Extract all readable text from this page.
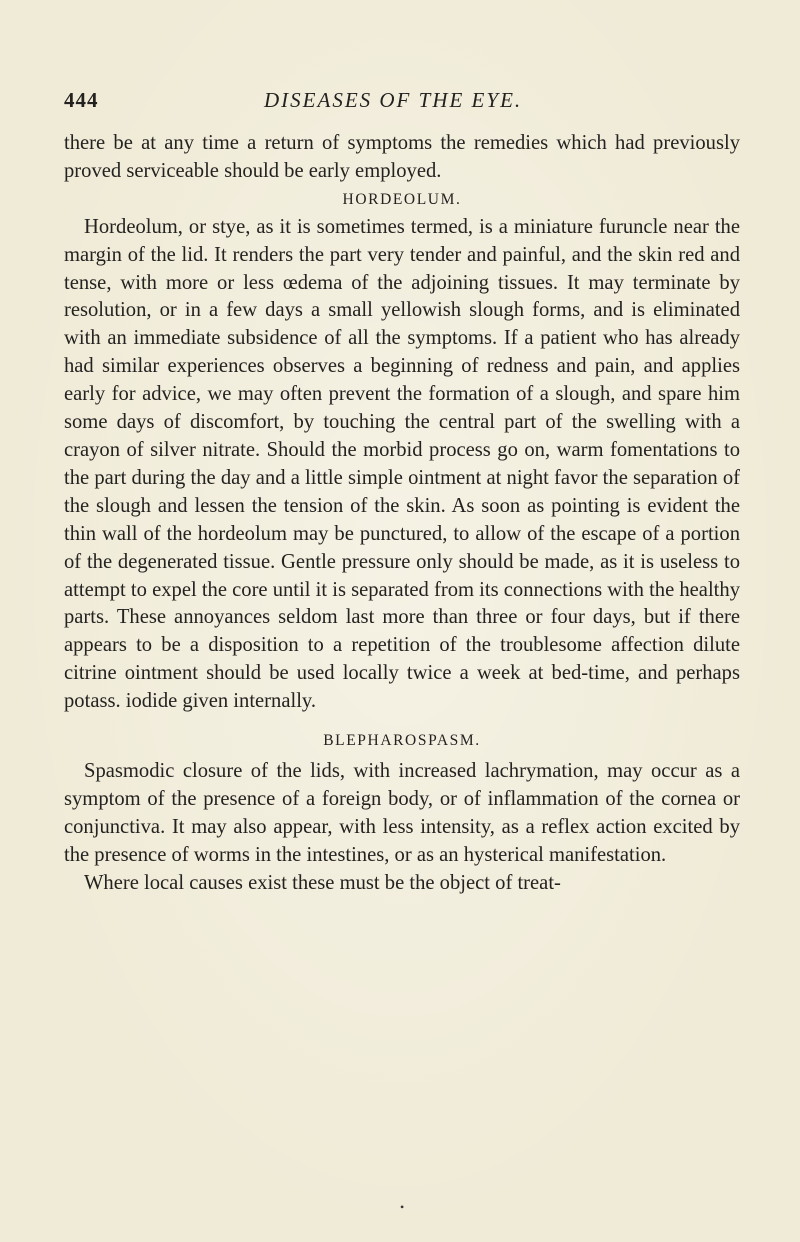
444	DISEASES OF THE EYE.

there be at any time a return of symptoms the remedies which had previously proved serviceable should be early employed.

HORDEOLUM.

Hordeolum, or stye, as it is sometimes termed, is a miniature furuncle near the margin of the lid. It renders the part very tender and painful, and the skin red and tense, with more or less œdema of the adjoining tissues. It may terminate by resolution, or in a few days a small yellowish slough forms, and is eliminated with an immediate subsidence of all the symptoms. If a patient who has already had similar experiences observes a beginning of redness and pain, and applies early for advice, we may often prevent the formation of a slough, and spare him some days of discomfort, by touching the central part of the swelling with a crayon of silver nitrate. Should the morbid process go on, warm fomentations to the part during the day and a little simple ointment at night favor the separation of the slough and lessen the tension of the skin. As soon as pointing is evident the thin wall of the hordeolum may be punctured, to allow of the escape of a portion of the degenerated tissue. Gentle pressure only should be made, as it is useless to attempt to expel the core until it is separated from its connections with the healthy parts. These annoyances seldom last more than three or four days, but if there appears to be a disposition to a repetition of the troublesome affection dilute citrine ointment should be used locally twice a week at bed-time, and perhaps potass. iodide given internally.

BLEPHAROSPASM.

Spasmodic closure of the lids, with increased lachrymation, may occur as a symptom of the presence of a foreign body, or of inflammation of the cornea or conjunctiva. It may also appear, with less intensity, as a reflex action excited by the presence of worms in the intestines, or as an hysterical manifestation.

Where local causes exist these must be the object of treat-

•
